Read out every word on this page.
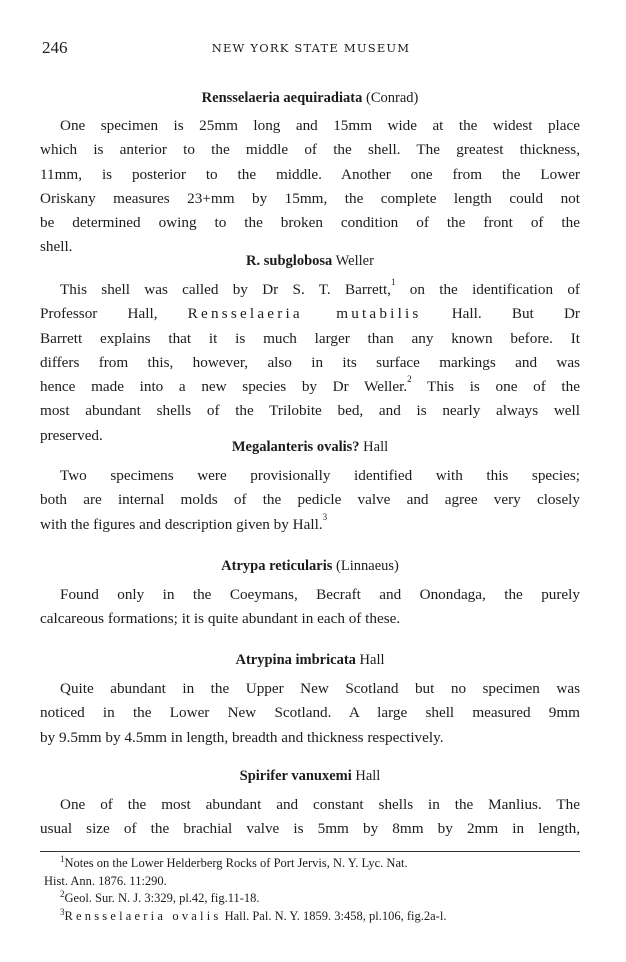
246	NEW YORK STATE MUSEUM
Rensselaeria aequiradiata (Conrad)
One specimen is 25mm long and 15mm wide at the widest place
which is anterior to the middle of the shell. The greatest thickness,
11mm, is posterior to the middle. Another one from the Lower
Oriskany measures 23+mm by 15mm, the complete length could not
be determined owing to the broken condition of the front of the
shell.
R. subglobosa Weller
This shell was called by Dr S. T. Barrett,$^1$ on the identification of
Professor Hall, Rensselaeria mutabilis Hall. But Dr
Barrett explains that it is much larger than any known before. It
differs from this, however, also in its surface markings and was
hence made into a new species by Dr Weller.$^2$ This is one of the
most abundant shells of the Trilobite bed, and is nearly always well
preserved.
Megalanteris ovalis? Hall
Two specimens were provisionally identified with this species;
both are internal molds of the pedicle valve and agree very closely
with the figures and description given by Hall.$^3$
Atrypa reticularis (Linnaeus)
Found only in the Coeymans, Becraft and Onondaga, the purely
calcareous formations; it is quite abundant in each of these.
Atrypina imbricata Hall
Quite abundant in the Upper New Scotland but no specimen was
noticed in the Lower New Scotland. A large shell measured 9mm
by 9.5mm by 4.5mm in length, breadth and thickness respectively.
Spirifer vanuxemi Hall
One of the most abundant and constant shells in the Manlius. The
usual size of the brachial valve is 5mm by 8mm by 2mm in length,
$^1$Notes on the Lower Helderberg Rocks of Port Jervis, N. Y. Lyc. Nat.
Hist. Ann. 1876. 11:290.
$^2$Geol. Sur. N. J. 3:329, pl.42, fig.11-18.
$^3$Rensselaeria ovalis Hall. Pal. N. Y. 1859. 3:458, pl.106, fig.2a-l.
